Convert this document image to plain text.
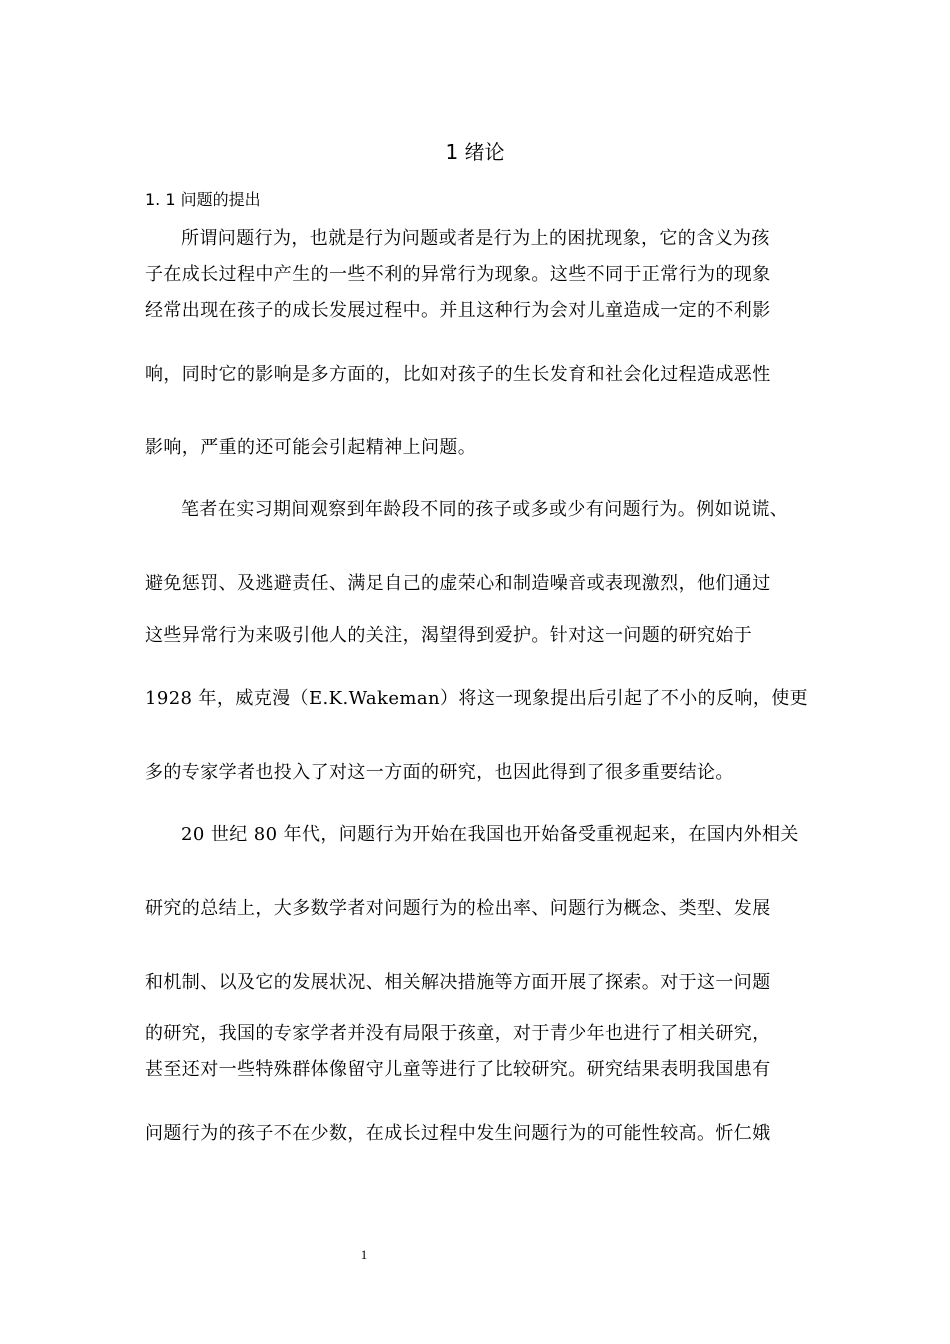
1 绪论
1. 1 问题的提出
所谓问题行为，也就是行为问题或者是行为上的困扰现象，它的含义为孩
子在成长过程中产生的一些不利的异常行为现象。这些不同于正常行为的现象
经常出现在孩子的成长发展过程中。并且这种行为会对儿童造成一定的不利影
响，同时它的影响是多方面的，比如对孩子的生长发育和社会化过程造成恶性
影响，严重的还可能会引起精神上问题。
笔者在实习期间观察到年龄段不同的孩子或多或少有问题行为。例如说谎、
避免惩罚、及逃避责任、满足自己的虚荣心和制造噪音或表现激烈，他们通过
这些异常行为来吸引他人的关注，渴望得到爱护。针对这一问题的研究始于
1928 年，威克漫（E.K.Wakeman）将这一现象提出后引起了不小的反响，使更
多的专家学者也投入了对这一方面的研究，也因此得到了很多重要结论。
20 世纪 80 年代，问题行为开始在我国也开始备受重视起来，在国内外相关
研究的总结上，大多数学者对问题行为的检出率、问题行为概念、类型、发展
和机制、以及它的发展状况、相关解决措施等方面开展了探索。对于这一问题
的研究，我国的专家学者并没有局限于孩童，对于青少年也进行了相关研究，
甚至还对一些特殊群体像留守儿童等进行了比较研究。研究结果表明我国患有
问题行为的孩子不在少数，在成长过程中发生问题行为的可能性较高。忻仁娥
1
